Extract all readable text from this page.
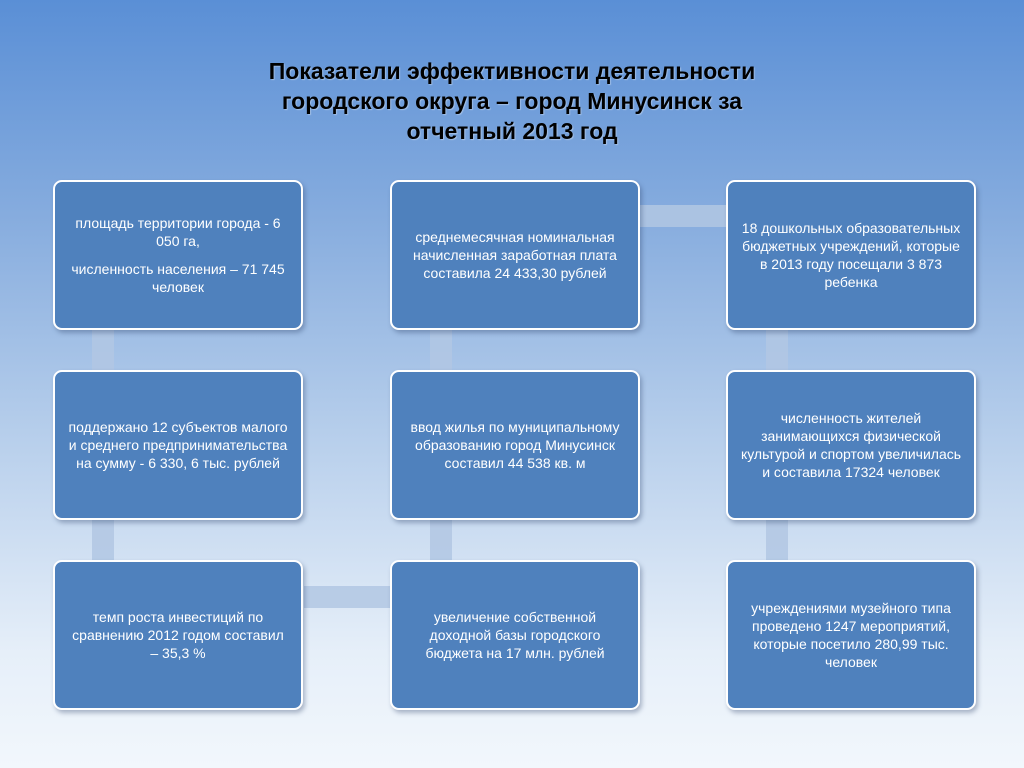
Показатели эффективности деятельности
городского округа – город Минусинск за
отчетный 2013 год

площадь территории города - 6 050 га,

численность населения – 71 745 человек

среднемесячная номинальная начисленная заработная плата составила 24 433,30 рублей

18 дошкольных образовательных бюджетных учреждений, которые в 2013 году посещали 3 873 ребенка

поддержано 12 субъектов малого и среднего предпринимательства на сумму - 6 330, 6 тыс. рублей

ввод жилья по муниципальному образованию город Минусинск составил 44 538 кв. м

численность жителей занимающихся физической культурой и спортом увеличилась и составила 17324 человек

темп роста инвестиций по сравнению 2012 годом составил – 35,3 %

увеличение собственной доходной базы городского бюджета на 17 млн. рублей

учреждениями музейного типа проведено 1247 мероприятий, которые посетило 280,99 тыс. человек
